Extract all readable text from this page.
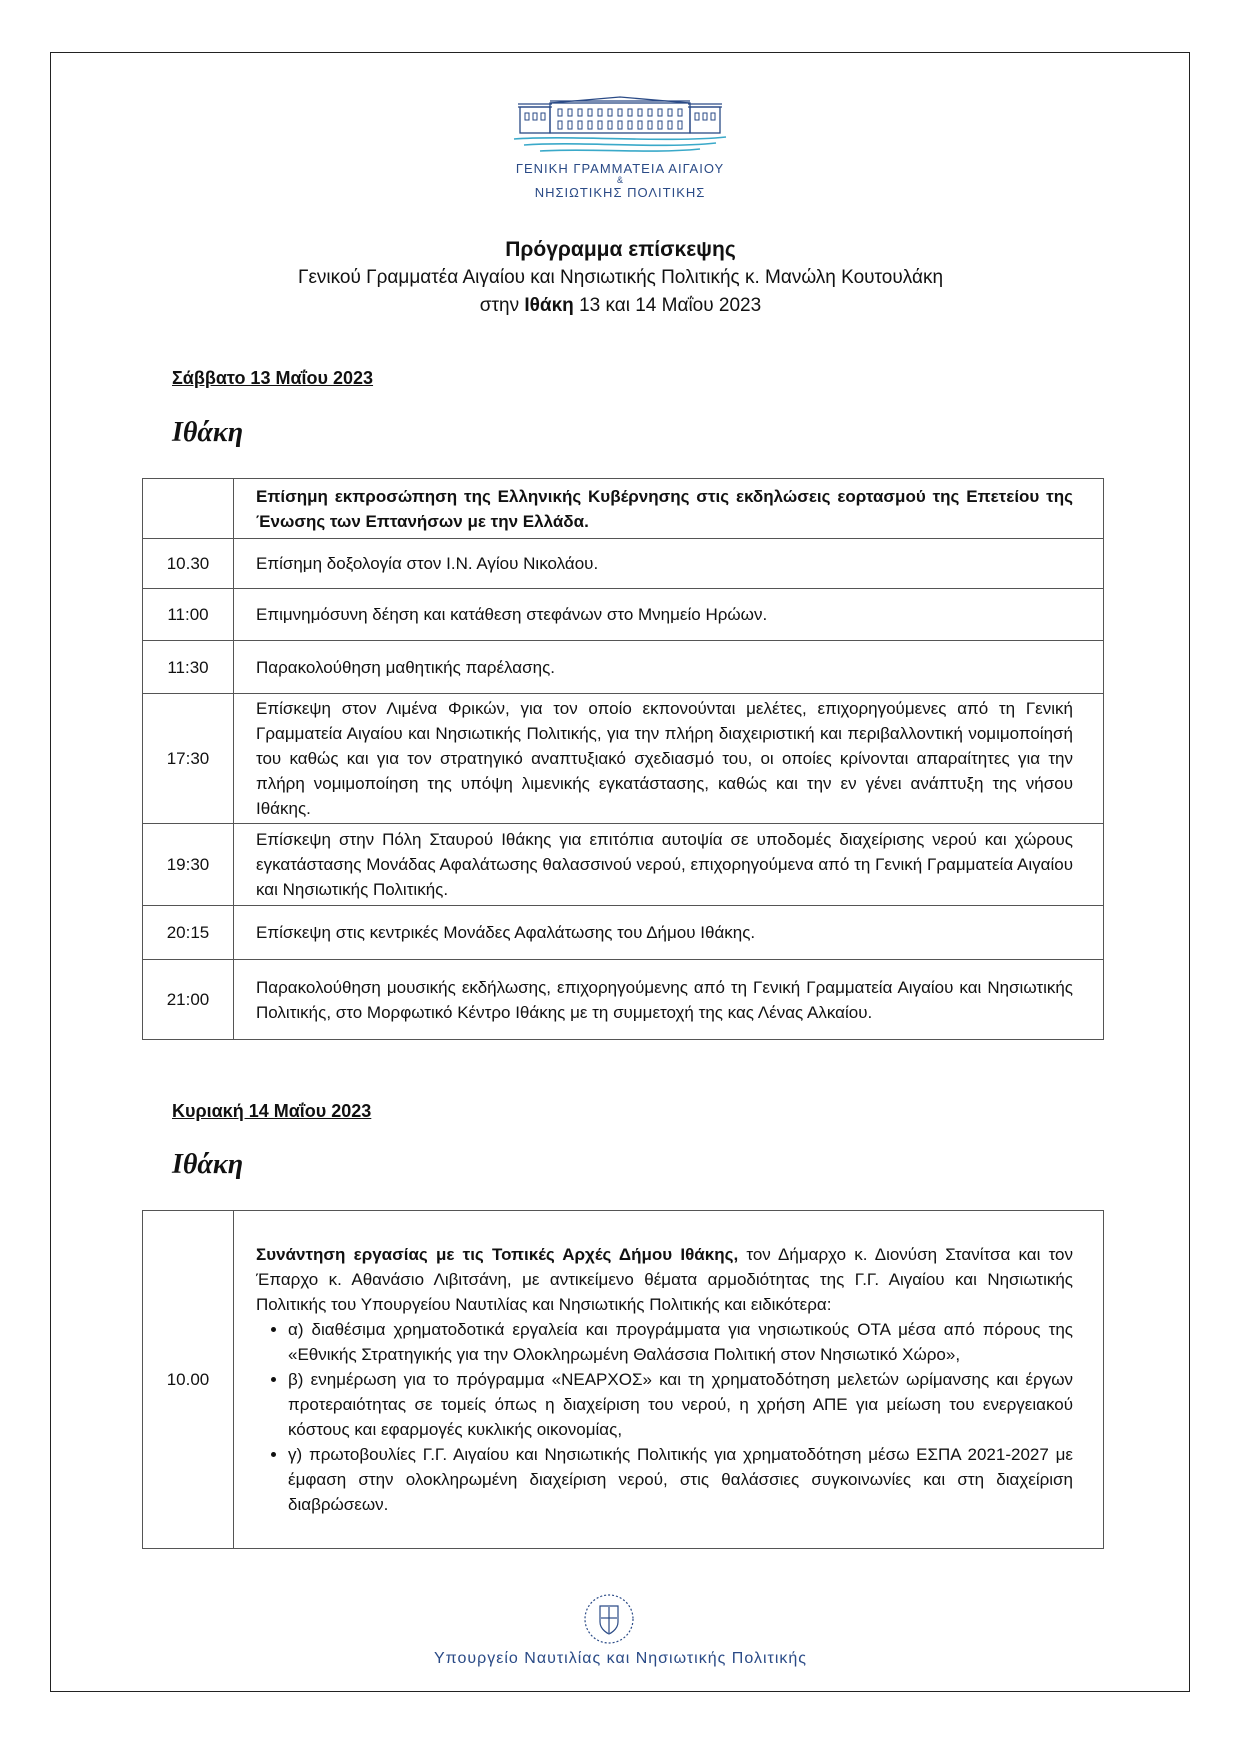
ΓΕΝΙΚΗ ΓΡΑΜΜΑΤΕΙΑ ΑΙΓΑΙΟΥ
&
ΝΗΣΙΩΤΙΚΗΣ ΠΟΛΙΤΙΚΗΣ
Πρόγραμμα επίσκεψης
Γενικού Γραμματέα Αιγαίου και Νησιωτικής Πολιτικής κ. Μανώλη Κουτουλάκη
στην Ιθάκη 13 και 14 Μαΐου 2023
Σάββατο 13 Μαΐου 2023
Ιθάκη
	Επίσημη εκπροσώπηση της Ελληνικής Κυβέρνησης στις εκδηλώσεις εορτασμού της Επετείου της Ένωσης των Επτανήσων με την Ελλάδα.
10.30	Επίσημη δοξολογία στον Ι.Ν. Αγίου Νικολάου.
11:00	Επιμνημόσυνη δέηση και κατάθεση στεφάνων στο Μνημείο Ηρώων.
11:30	Παρακολούθηση μαθητικής παρέλασης.
17:30	Επίσκεψη στον Λιμένα Φρικών, για τον οποίο εκπονούνται μελέτες, επιχορηγούμενες από τη Γενική Γραμματεία Αιγαίου και Νησιωτικής Πολιτικής, για την πλήρη διαχειριστική και περιβαλλοντική νομιμοποίησή του καθώς και για τον στρατηγικό αναπτυξιακό σχεδιασμό του, οι οποίες κρίνονται απαραίτητες για την πλήρη νομιμοποίηση της υπόψη λιμενικής εγκατάστασης, καθώς και την εν γένει ανάπτυξη της νήσου Ιθάκης.
19:30	Επίσκεψη στην Πόλη Σταυρού Ιθάκης για επιτόπια αυτοψία σε υποδομές διαχείρισης νερού και χώρους εγκατάστασης Μονάδας Αφαλάτωσης θαλασσινού νερού, επιχορηγούμενα από τη Γενική Γραμματεία Αιγαίου και Νησιωτικής Πολιτικής.
20:15	Επίσκεψη στις κεντρικές Μονάδες Αφαλάτωσης του Δήμου Ιθάκης.
21:00	Παρακολούθηση μουσικής εκδήλωσης, επιχορηγούμενης από τη Γενική Γραμματεία Αιγαίου και Νησιωτικής Πολιτικής, στο Μορφωτικό Κέντρο Ιθάκης με τη συμμετοχή της κας Λένας Αλκαίου.
Κυριακή 14 Μαΐου 2023
Ιθάκη
10.00	Συνάντηση εργασίας με τις Τοπικές Αρχές Δήμου Ιθάκης, τον Δήμαρχο κ. Διονύση Στανίτσα και τον Έπαρχο κ. Αθανάσιο Λιβιτσάνη, με αντικείμενο θέματα αρμοδιότητας της Γ.Γ. Αιγαίου και Νησιωτικής Πολιτικής του Υπουργείου Ναυτιλίας και Νησιωτικής Πολιτικής και ειδικότερα:
• α) διαθέσιμα χρηματοδοτικά εργαλεία και προγράμματα για νησιωτικούς ΟΤΑ μέσα από πόρους της «Εθνικής Στρατηγικής για την Ολοκληρωμένη Θαλάσσια Πολιτική στον Νησιωτικό Χώρο»,
• β) ενημέρωση για το πρόγραμμα «ΝΕΑΡΧΟΣ» και τη χρηματοδότηση μελετών ωρίμανσης και έργων προτεραιότητας σε τομείς όπως η διαχείριση του νερού, η χρήση ΑΠΕ για μείωση του ενεργειακού κόστους και εφαρμογές κυκλικής οικονομίας,
• γ) πρωτοβουλίες Γ.Γ. Αιγαίου και Νησιωτικής Πολιτικής για χρηματοδότηση μέσω ΕΣΠΑ 2021-2027 με έμφαση στην ολοκληρωμένη διαχείριση νερού, στις θαλάσσιες συγκοινωνίες και στη διαχείριση διαβρώσεων.
Υπουργείο Ναυτιλίας και Νησιωτικής Πολιτικής
